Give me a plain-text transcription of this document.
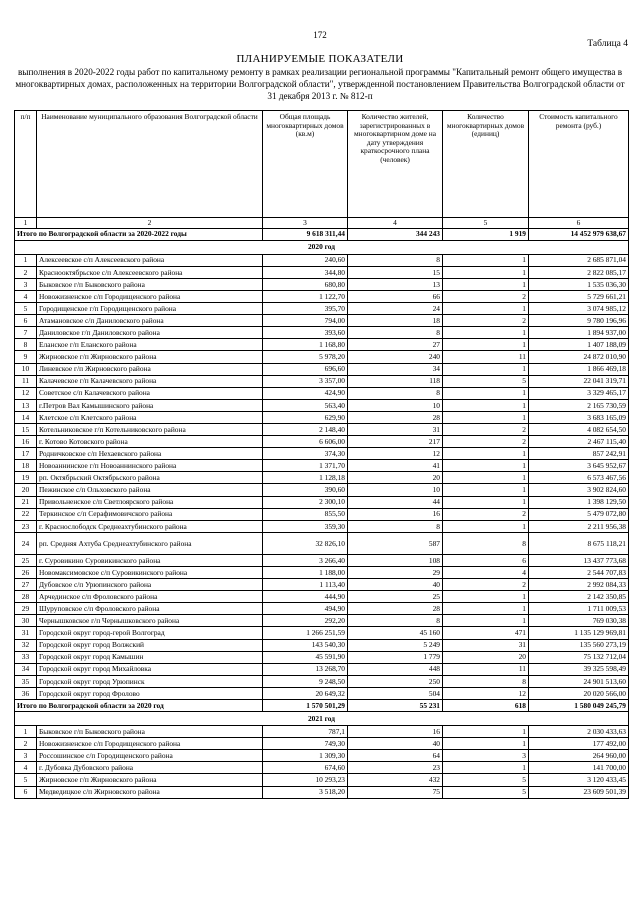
172
Таблица 4
ПЛАНИРУЕМЫЕ ПОКАЗАТЕЛИ
выполнения в 2020-2022 годы работ по капитальному ремонту в рамках реализации региональной программы "Капитальный ремонт общего имущества в многоквартирных домах, расположенных на территории Волгоградской области", утвержденной постановлением Правительства Волгоградской области от 31 декабря 2013 г. № 812-п
п/п	Наименование муниципального образования Волгоградской области	Общая площадь многоквартирных домов (кв.м)	Количество жителей, зарегистрированных в многоквартирном доме на дату утверждения краткосрочного плана (человек)	Количество многоквартирных домов (единиц)	Стоимость капитального ремонта (руб.)
1	2	3	4	5	6
Итого по Волгоградской области за 2020-2022 годы		9 618 311,44	344 243	1 919	14 452 979 638,67
2020 год					
1	Алексеевское с/п Алексеевского района	240,60	8	1	2 685 871,04
2	Краснооктябрьское с/п Алексеевского района	344,80	15	1	2 822 085,17
3	Быковское г/п Быковского района	680,80	13	1	1 535 036,30
4	Новожизненское с/п Городищенского района	1 122,70	66	2	5 729 661,21
5	Городищенское г/п Городищенского района	395,70	24	1	3 074 985,12
6	Атамановское с/п Даниловского района	794,00	18	2	9 780 196,96
7	Даниловское г/п Даниловского района	393,60	8	1	1 894 937,00
8	Еланское г/п Еланского района	1 168,80	27	1	1 407 188,09
9	Жирновское г/п Жирновского района	5 978,20	240	11	24 872 010,90
10	Линевское г/п Жирновского района	696,60	34	1	1 866 469,18
11	Калачевское г/п Калачевского района	3 357,00	118	5	22 041 319,71
12	Советское с/п Калачевского района	424,90	8	1	3 329 465,17
13	г.Петров Вал Камышинского района	563,40	10	1	2 165 730,59
14	Клетское с/п Клетского района	629,90	28	1	3 683 165,09
15	Котельниковское г/п Котельниковского района	2 148,40	31	2	4 082 654,50
16	г. Котово Котовского района	6 606,00	217	2	2 467 115,40
17	Родничковское с/п Нехаевского района	374,30	12	1	857 242,91
18	Новоаннинское г/п Новоаннинского района	1 371,70	41	1	3 645 952,67
19	рп. Октябрьский Октябрьского района	1 128,18	20	1	6 573 467,56
20	Пежинское с/п Ольховского района	390,60	10	1	3 902 824,60
21	Привольненское с/п Светлоярского района	2 300,10	44	1	1 398 129,50
22	Теркинское с/п Серафимовичского района	855,50	16	2	5 479 072,80
23	г. Краснослободск Среднеахтубинского района	359,30	8	1	2 211 956,38
24	рп. Средняя Ахтуба Среднеахтубинского района	32 826,10	587	8	8 675 118,21
25	г. Суровикино Суровикинского района	3 266,40	108	6	13 437 773,68
26	Новомаксимовское с/п Суровикинского района	1 188,00	29	4	2 544 707,83
27	Дубовское с/п Урюпинского района	1 113,40	40	2	2 992 084,33
28	Арчединское с/п Фроловского района	444,90	25	1	2 142 350,85
29	Шуруповское с/п Фроловского района	494,90	28	1	1 711 009,53
30	Чернышковское г/п Чернышковского района	292,20	8	1	769 030,38
31	Городской округ город-герой Волгоград	1 266 251,59	45 160	471	1 135 129 969,81
32	Городской округ город Волжский	143 540,30	5 249	31	135 560 273,19
33	Городской округ город Камышин	45 591,90	1 779	20	75 132 712,04
34	Городской округ город Михайловка	13 268,70	448	11	39 325 598,49
35	Городской округ город Урюпинск	9 248,50	250	8	24 901 513,60
36	Городской округ город Фролово	20 649,32	504	12	20 020 566,00
Итого по Волгоградской области за 2020 год		1 570 501,29	55 231	618	1 580 049 245,79
2021 год					
1	Быковское г/п Быковского района	787,1	16	1	2 030 433,63
2	Новожизненское с/п Городищенского района	749,30	40	1	177 492,00
3	Россошинское с/п Городищенского района	1 309,30	64	3	264 960,00
4	г. Дубовка Дубовского района	674,60	23	1	141 700,00
5	Жирновское г/п Жирновского района	10 293,23	432	5	3 120 433,45
6	Медведицкое с/п Жирновского района	3 518,20	75	5	23 609 501,39
